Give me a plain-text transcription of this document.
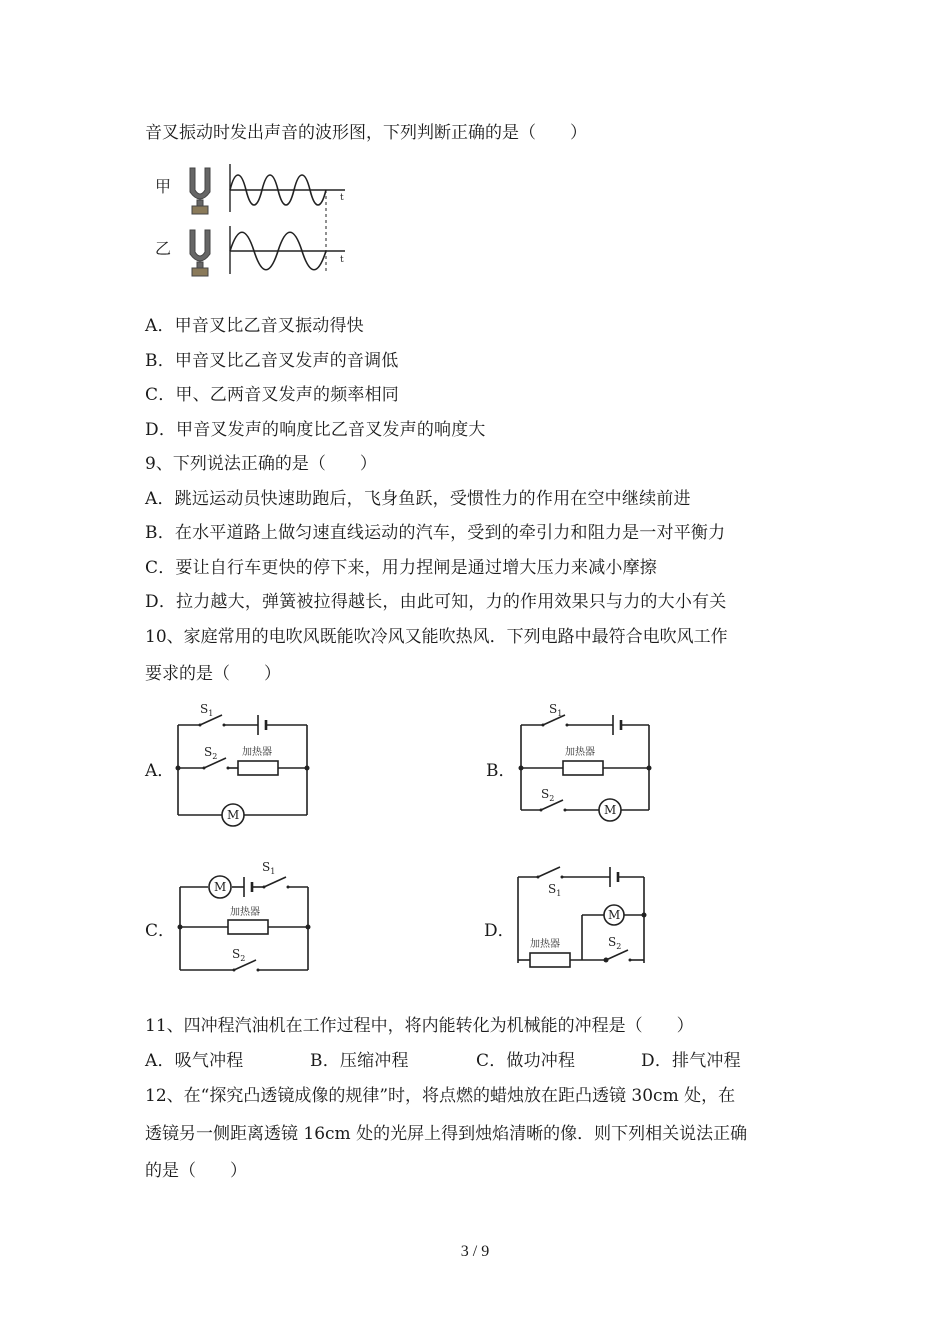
音叉振动时发出声音的波形图，下列判断正确的是（　　）
甲
乙
t
t
A．甲音叉比乙音叉振动得快
B．甲音叉比乙音叉发声的音调低
C．甲、乙两音叉发声的频率相同
D．甲音叉发声的响度比乙音叉发声的响度大
9、下列说法正确的是（　　）
A．跳远运动员快速助跑后，飞身鱼跃，受惯性力的作用在空中继续前进
B．在水平道路上做匀速直线运动的汽车，受到的牵引力和阻力是一对平衡力
C．要让自行车更快的停下来，用力捏闸是通过增大压力来减小摩擦
D．拉力越大，弹簧被拉得越长，由此可知，力的作用效果只与力的大小有关
10、家庭常用的电吹风既能吹冷风又能吹热风．下列电路中最符合电吹风工作
要求的是（　　）
A．
$S_1$
$S_2$ 加热器
M
B．
$S_1$
加热器
$S_2$
M
C．
M
$S_1$
加热器
$S_2$
D．
$S_1$
M
加热器	$S_2$
11、四冲程汽油机在工作过程中，将内能转化为机械能的冲程是（　　）
A．吸气冲程	B．压缩冲程	C．做功冲程	D．排气冲程
12、在“探究凸透镜成像的规律”时，将点燃的蜡烛放在距凸透镜 30cm 处，在
透镜另一侧距离透镜 16cm 处的光屏上得到烛焰清晰的像．则下列相关说法正确
的是（　　）
3 / 9
